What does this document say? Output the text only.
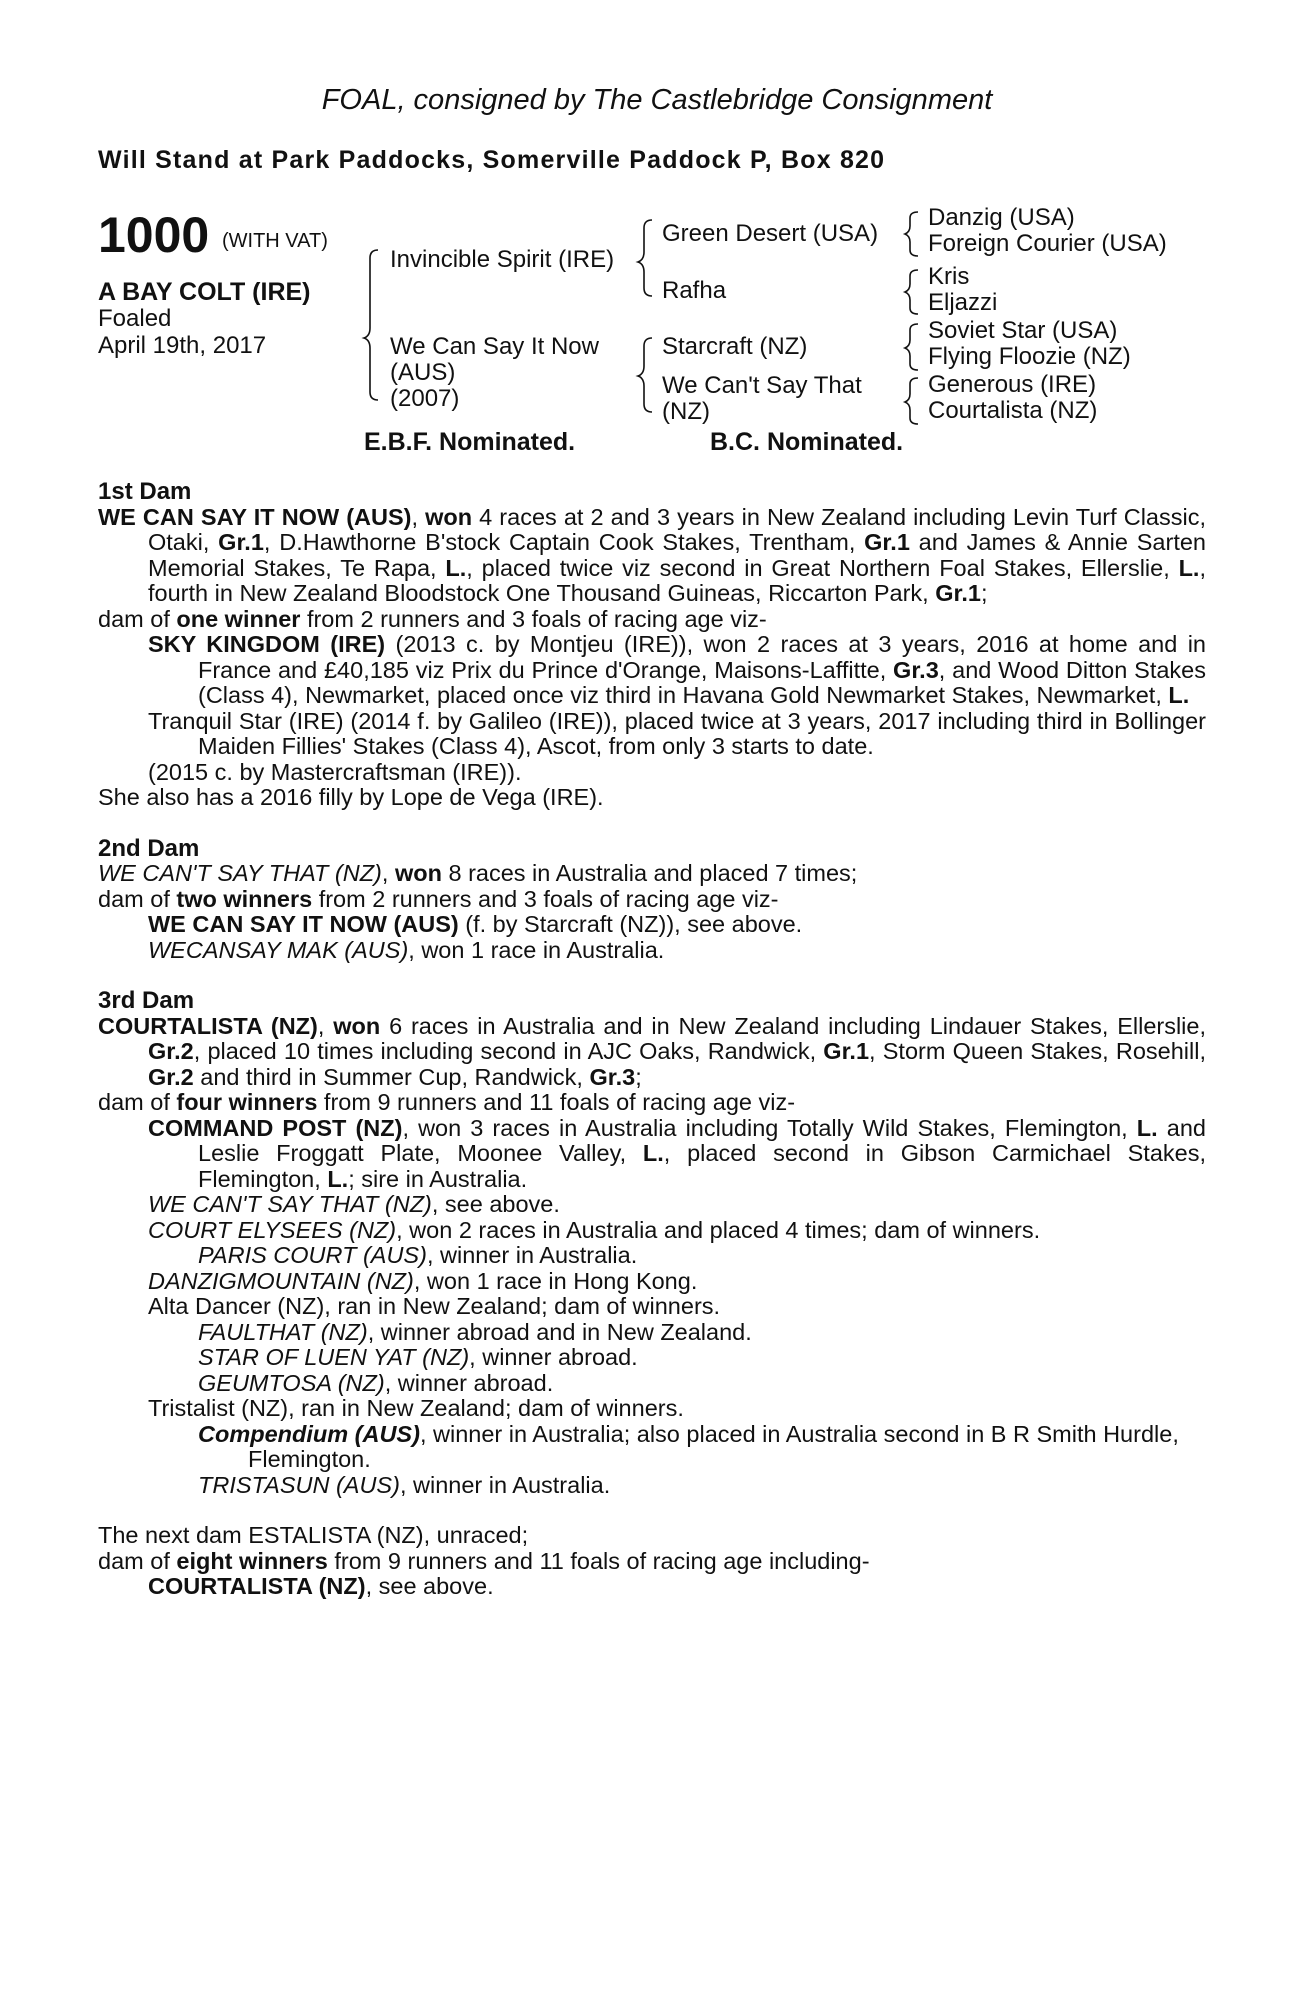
FOAL, consigned by The Castlebridge Consignment
Will Stand at Park Paddocks, Somerville Paddock P, Box 820
1000 (WITH VAT)
A BAY COLT (IRE)
Foaled
April 19th, 2017
Invincible Spirit (IRE)
We Can Say It Now
(AUS)
(2007)
Green Desert (USA)
Rafha
Starcraft (NZ)
We Can't Say That
(NZ)
Danzig (USA)
Foreign Courier (USA)
Kris
Eljazzi
Soviet Star (USA)
Flying Floozie (NZ)
Generous (IRE)
Courtalista (NZ)
E.B.F. Nominated.	B.C. Nominated.
1st Dam
WE CAN SAY IT NOW (AUS), won 4 races at 2 and 3 years in New Zealand including Levin Turf Classic, Otaki, Gr.1, D.Hawthorne B'stock Captain Cook Stakes, Trentham, Gr.1 and James & Annie Sarten Memorial Stakes, Te Rapa, L., placed twice viz second in Great Northern Foal Stakes, Ellerslie, L., fourth in New Zealand Bloodstock One Thousand Guineas, Riccarton Park, Gr.1;
dam of one winner from 2 runners and 3 foals of racing age viz-
SKY KINGDOM (IRE) (2013 c. by Montjeu (IRE)), won 2 races at 3 years, 2016 at home and in France and £40,185 viz Prix du Prince d'Orange, Maisons-Laffitte, Gr.3, and Wood Ditton Stakes (Class 4), Newmarket, placed once viz third in Havana Gold Newmarket Stakes, Newmarket, L.
Tranquil Star (IRE) (2014 f. by Galileo (IRE)), placed twice at 3 years, 2017 including third in Bollinger Maiden Fillies' Stakes (Class 4), Ascot, from only 3 starts to date.
(2015 c. by Mastercraftsman (IRE)).
She also has a 2016 filly by Lope de Vega (IRE).
2nd Dam
WE CAN'T SAY THAT (NZ), won 8 races in Australia and placed 7 times;
dam of two winners from 2 runners and 3 foals of racing age viz-
WE CAN SAY IT NOW (AUS) (f. by Starcraft (NZ)), see above.
WECANSAY MAK (AUS), won 1 race in Australia.
3rd Dam
COURTALISTA (NZ), won 6 races in Australia and in New Zealand including Lindauer Stakes, Ellerslie, Gr.2, placed 10 times including second in AJC Oaks, Randwick, Gr.1, Storm Queen Stakes, Rosehill, Gr.2 and third in Summer Cup, Randwick, Gr.3;
dam of four winners from 9 runners and 11 foals of racing age viz-
COMMAND POST (NZ), won 3 races in Australia including Totally Wild Stakes, Flemington, L. and Leslie Froggatt Plate, Moonee Valley, L., placed second in Gibson Carmichael Stakes, Flemington, L.; sire in Australia.
WE CAN'T SAY THAT (NZ), see above.
COURT ELYSEES (NZ), won 2 races in Australia and placed 4 times; dam of winners.
PARIS COURT (AUS), winner in Australia.
DANZIGMOUNTAIN (NZ), won 1 race in Hong Kong.
Alta Dancer (NZ), ran in New Zealand; dam of winners.
FAULTHAT (NZ), winner abroad and in New Zealand.
STAR OF LUEN YAT (NZ), winner abroad.
GEUMTOSA (NZ), winner abroad.
Tristalist (NZ), ran in New Zealand; dam of winners.
Compendium (AUS), winner in Australia; also placed in Australia second in B R Smith Hurdle, Flemington.
TRISTASUN (AUS), winner in Australia.
The next dam ESTALISTA (NZ), unraced;
dam of eight winners from 9 runners and 11 foals of racing age including-
COURTALISTA (NZ), see above.
